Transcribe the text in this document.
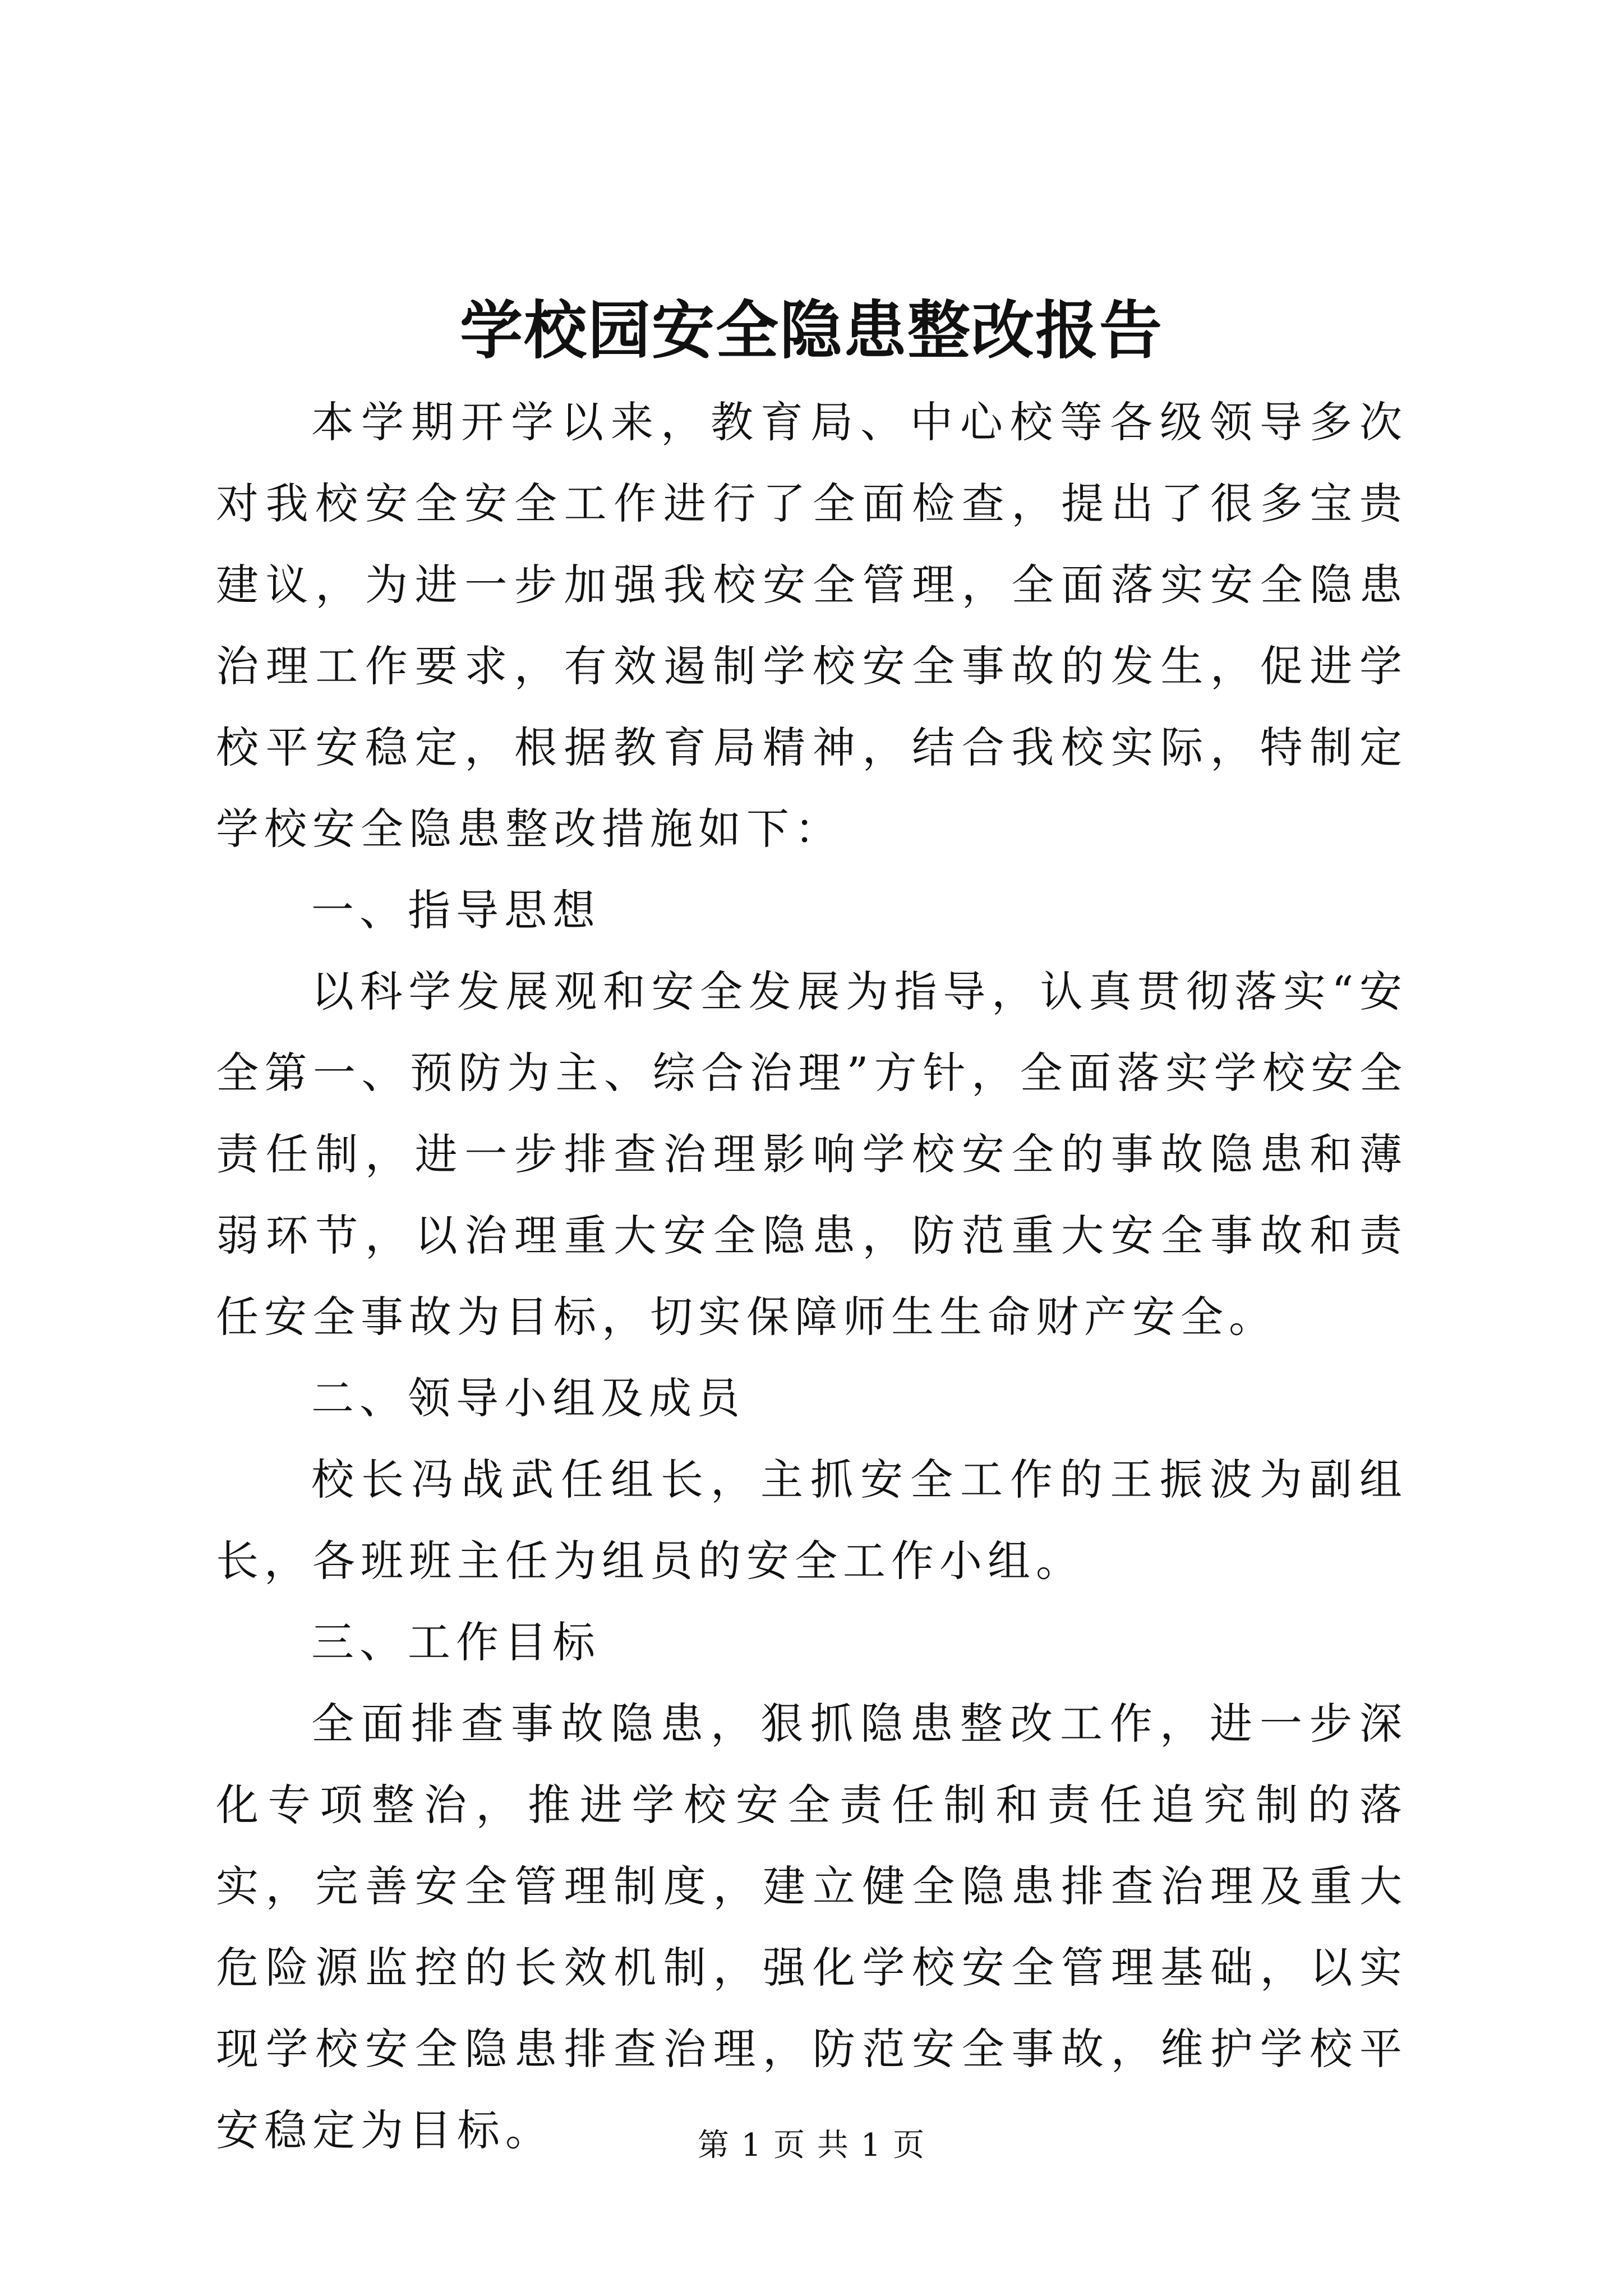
学校园安全隐患整改报告

本学期开学以来，教育局、中心校等各级领导多次对我校安全安全工作进行了全面检查，提出了很多宝贵建议，为进一步加强我校安全管理，全面落实安全隐患治理工作要求，有效遏制学校安全事故的发生，促进学校平安稳定，根据教育局精神，结合我校实际，特制定学校安全隐患整改措施如下：

一、指导思想

以科学发展观和安全发展为指导，认真贯彻落实“安全第一、预防为主、综合治理”方针，全面落实学校安全责任制，进一步排查治理影响学校安全的事故隐患和薄弱环节，以治理重大安全隐患，防范重大安全事故和责任安全事故为目标，切实保障师生生命财产安全。

二、领导小组及成员

校长冯战武任组长，主抓安全工作的王振波为副组长，各班班主任为组员的安全工作小组。

三、工作目标

全面排查事故隐患，狠抓隐患整改工作，进一步深化专项整治，推进学校安全责任制和责任追究制的落实，完善安全管理制度，建立健全隐患排查治理及重大危险源监控的长效机制，强化学校安全管理基础，以实现学校安全隐患排查治理，防范安全事故，维护学校平安稳定为目标。	第 1 页 共 1 页
